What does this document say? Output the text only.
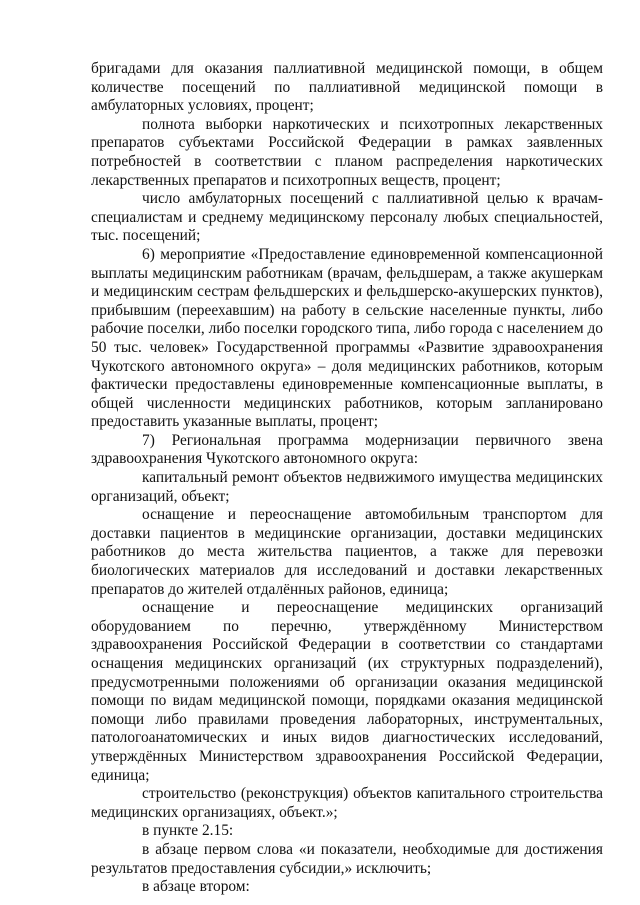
бригадами для оказания паллиативной медицинской помощи, в общем количестве посещений по паллиативной медицинской помощи в амбулаторных условиях, процент;

полнота выборки наркотических и психотропных лекарственных препаратов субъектами Российской Федерации в рамках заявленных потребностей в соответствии с планом распределения наркотических лекарственных препаратов и психотропных веществ, процент;

число амбулаторных посещений с паллиативной целью к врачам-специалистам и среднему медицинскому персоналу любых специальностей, тыс. посещений;

6) мероприятие «Предоставление единовременной компенсационной выплаты медицинским работникам (врачам, фельдшерам, а также акушеркам и медицинским сестрам фельдшерских и фельдшерско-акушерских пунктов), прибывшим (переехавшим) на работу в сельские населенные пункты, либо рабочие поселки, либо поселки городского типа, либо города с населением до 50 тыс. человек» Государственной программы «Развитие здравоохранения Чукотского автономного округа» – доля медицинских работников, которым фактически предоставлены единовременные компенсационные выплаты, в общей численности медицинских работников, которым запланировано предоставить указанные выплаты, процент;

7) Региональная программа модернизации первичного звена здравоохранения Чукотского автономного округа:

капитальный ремонт объектов недвижимого имущества медицинских организаций, объект;

оснащение и переоснащение автомобильным транспортом для доставки пациентов в медицинские организации, доставки медицинских работников до места жительства пациентов, а также для перевозки биологических материалов для исследований и доставки лекарственных препаратов до жителей отдалённых районов, единица;

оснащение и переоснащение медицинских организаций оборудованием по перечню, утверждённому Министерством здравоохранения Российской Федерации в соответствии со стандартами оснащения медицинских организаций (их структурных подразделений), предусмотренными положениями об организации оказания медицинской помощи по видам медицинской помощи, порядками оказания медицинской помощи либо правилами проведения лабораторных, инструментальных, патологоанатомических и иных видов диагностических исследований, утверждённых Министерством здравоохранения Российской Федерации, единица;

строительство (реконструкция) объектов капитального строительства медицинских организациях, объект.»;

в пункте 2.15:

в абзаце первом слова «и показатели, необходимые для достижения результатов предоставления субсидии,» исключить;

в абзаце втором:
